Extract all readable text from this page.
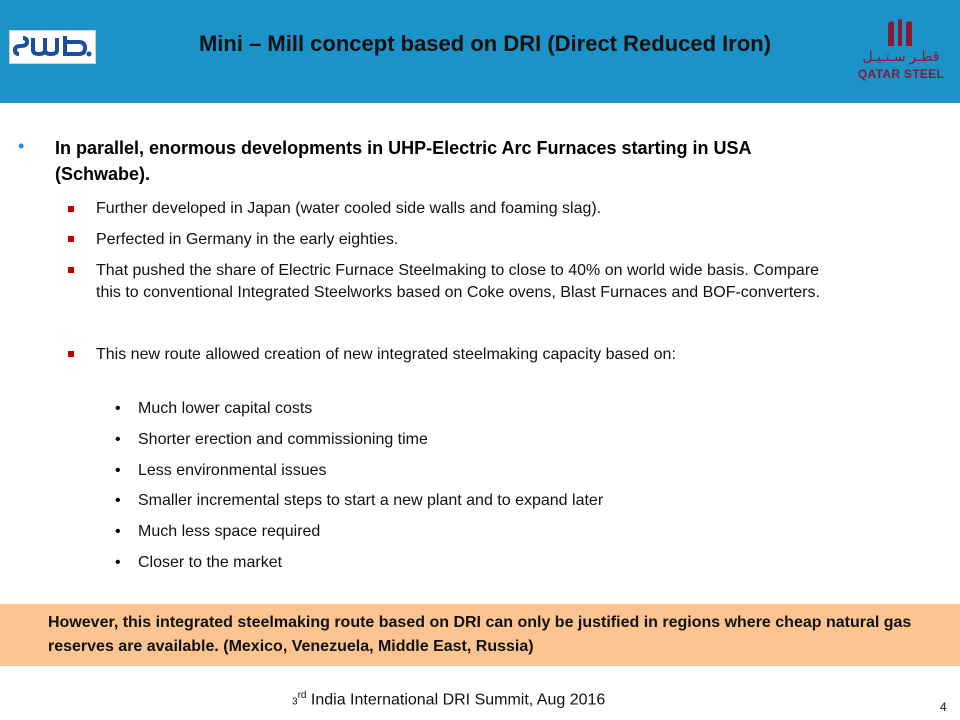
Mini – Mill concept based on DRI (Direct Reduced Iron)	قطـر سـتـيـل
QATAR STEEL
• In parallel, enormous developments in UHP-Electric Arc Furnaces starting in USA (Schwabe).
Further developed in Japan (water cooled side walls and foaming slag).
Perfected in Germany in the early eighties.
That pushed the share of Electric Furnace Steelmaking to close to 40% on world wide basis. Compare this to conventional Integrated Steelworks based on Coke ovens, Blast Furnaces and BOF-converters.
This new route allowed creation of new integrated steelmaking capacity based on:
• Much lower capital costs
• Shorter erection and commissioning time
• Less environmental issues
• Smaller incremental steps to start a new plant and to expand later
• Much less space required
• Closer to the market
However, this integrated steelmaking route based on DRI can only be justified in regions where cheap natural gas reserves are available. (Mexico, Venezuela, Middle East, Russia)
3rd India International DRI Summit, Aug 2016	4
